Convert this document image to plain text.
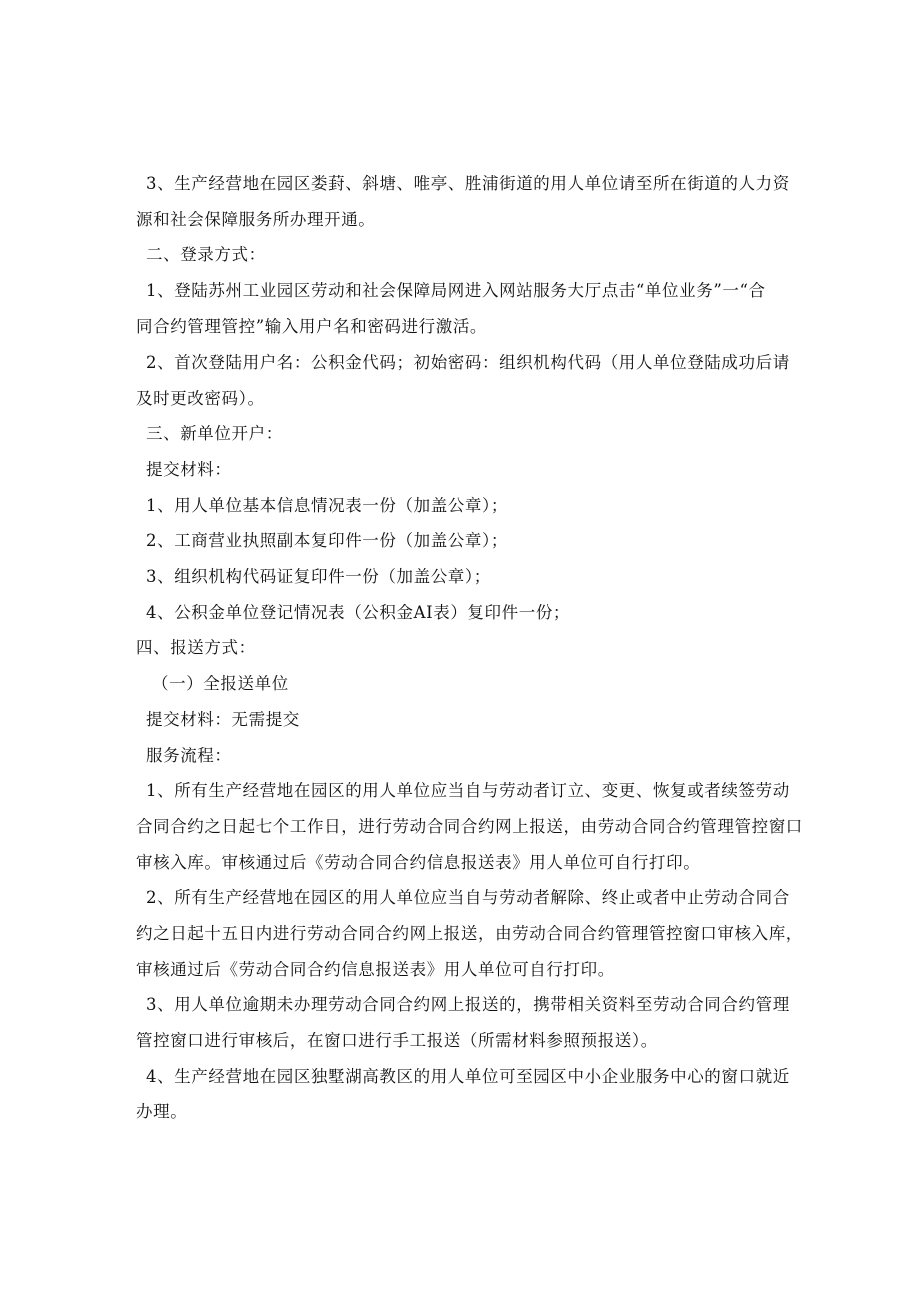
3、生产经营地在园区娄葑、斜塘、唯亭、胜浦街道的用人单位请至所在街道的人力资
源和社会保障服务所办理开通。
二、登录方式：
1、登陆苏州工业园区劳动和社会保障局网进入网站服务大厅点击“单位业务”一“合
同合约管理管控”输入用户名和密码进行激活。
2、首次登陆用户名：公积金代码；初始密码：组织机构代码（用人单位登陆成功后请
及时更改密码）。
三、新单位开户：
提交材料：
1、用人单位基本信息情况表一份（加盖公章）；
2、工商营业执照副本复印件一份（加盖公章）；
3、组织机构代码证复印件一份（加盖公章）；
4、公积金单位登记情况表（公积金AI表）复印件一份；
四、报送方式：
（一）全报送单位
提交材料：无需提交
服务流程：
1、所有生产经营地在园区的用人单位应当自与劳动者订立、变更、恢复或者续签劳动
合同合约之日起七个工作日，进行劳动合同合约网上报送，由劳动合同合约管理管控窗口
审核入库。审核通过后《劳动合同合约信息报送表》用人单位可自行打印。
2、所有生产经营地在园区的用人单位应当自与劳动者解除、终止或者中止劳动合同合
约之日起十五日内进行劳动合同合约网上报送，由劳动合同合约管理管控窗口审核入库，
审核通过后《劳动合同合约信息报送表》用人单位可自行打印。
3、用人单位逾期未办理劳动合同合约网上报送的，携带相关资料至劳动合同合约管理
管控窗口进行审核后，在窗口进行手工报送（所需材料参照预报送）。
4、生产经营地在园区独墅湖高教区的用人单位可至园区中小企业服务中心的窗口就近
办理。
